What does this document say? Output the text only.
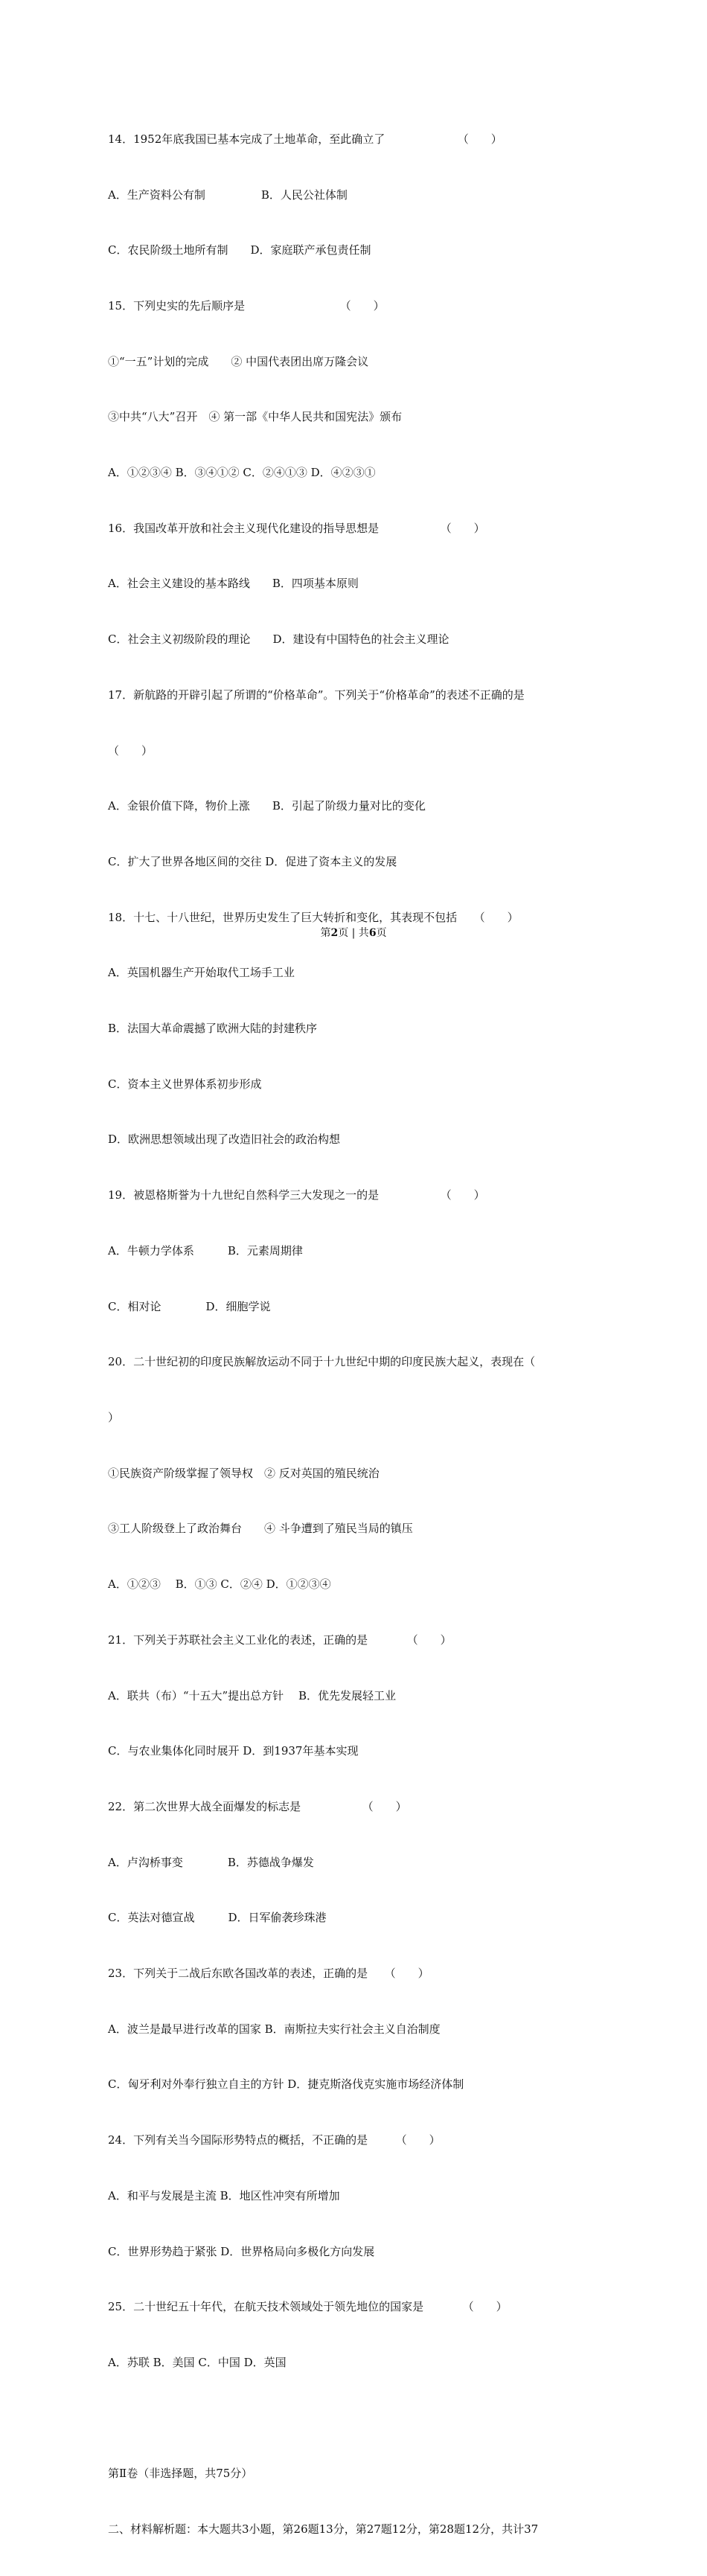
14．1952年底我国已基本完成了土地革命，至此确立了　　　　　　　（　　）

A．生产资料公有制　　　　　B．人民公社体制

C．农民阶级土地所有制　　D．家庭联产承包责任制

15．下列史实的先后顺序是　　　　　　　　　（　　）

①“一五”计划的完成　　② 中国代表团出席万隆会议

③中共“八大”召开　④ 第一部《中华人民共和国宪法》颁布

A．①②③④ B．③④①② C．②④①③ D．④②③①

16．我国改革开放和社会主义现代化建设的指导思想是　　　　　　（　　）

A．社会主义建设的基本路线　　B．四项基本原则

C．社会主义初级阶段的理论　　D．建设有中国特色的社会主义理论

17．新航路的开辟引起了所谓的“价格革命”。下列关于“价格革命”的表述不正确的是

（　　）

A．金银价值下降，物价上涨　　B．引起了阶级力量对比的变化

C．扩大了世界各地区间的交往 D．促进了资本主义的发展

18．十七、十八世纪，世界历史发生了巨大转折和变化，其表现不包括　　（　　）

A．英国机器生产开始取代工场手工业

B．法国大革命震撼了欧洲大陆的封建秩序

C．资本主义世界体系初步形成

D．欧洲思想领域出现了改造旧社会的政治构想

19．被恩格斯誉为十九世纪自然科学三大发现之一的是　　　　　　（　　）

A．牛顿力学体系　　　B．元素周期律

C．相对论　　　　D．细胞学说

20．二十世纪初的印度民族解放运动不同于十九世纪中期的印度民族大起义，表现在（

）

①民族资产阶级掌握了领导权　② 反对英国的殖民统治

③工人阶级登上了政治舞台　　④ 斗争遭到了殖民当局的镇压

A．①②③　 B．①③ C．②④ D．①②③④

21．下列关于苏联社会主义工业化的表述，正确的是　　　　（　　）

A．联共（布）“十五大”提出总方针　 B．优先发展轻工业

C．与农业集体化同时展开 D．到1937年基本实现

22．第二次世界大战全面爆发的标志是　　　　　　（　　）

A．卢沟桥事变　　　　B．苏德战争爆发

C．英法对德宣战　　　D．日军偷袭珍珠港

23．下列关于二战后东欧各国改革的表述，正确的是　　（　　）

A．波兰是最早进行改革的国家 B．南斯拉夫实行社会主义自治制度

C．匈牙利对外奉行独立自主的方针 D．捷克斯洛伐克实施市场经济体制

24．下列有关当今国际形势特点的概括，不正确的是　　　（　　）

A．和平与发展是主流 B．地区性冲突有所增加

C．世界形势趋于紧张 D．世界格局向多极化方向发展

25．二十世纪五十年代，在航天技术领域处于领先地位的国家是　　　　（　　）

A．苏联 B．美国 C．中国 D．英国

第Ⅱ卷（非选择题，共75分）

二、材料解析题：本大题共3小题，第26题13分，第27题12分，第28题12分，共计37

第2页 | 共6页
